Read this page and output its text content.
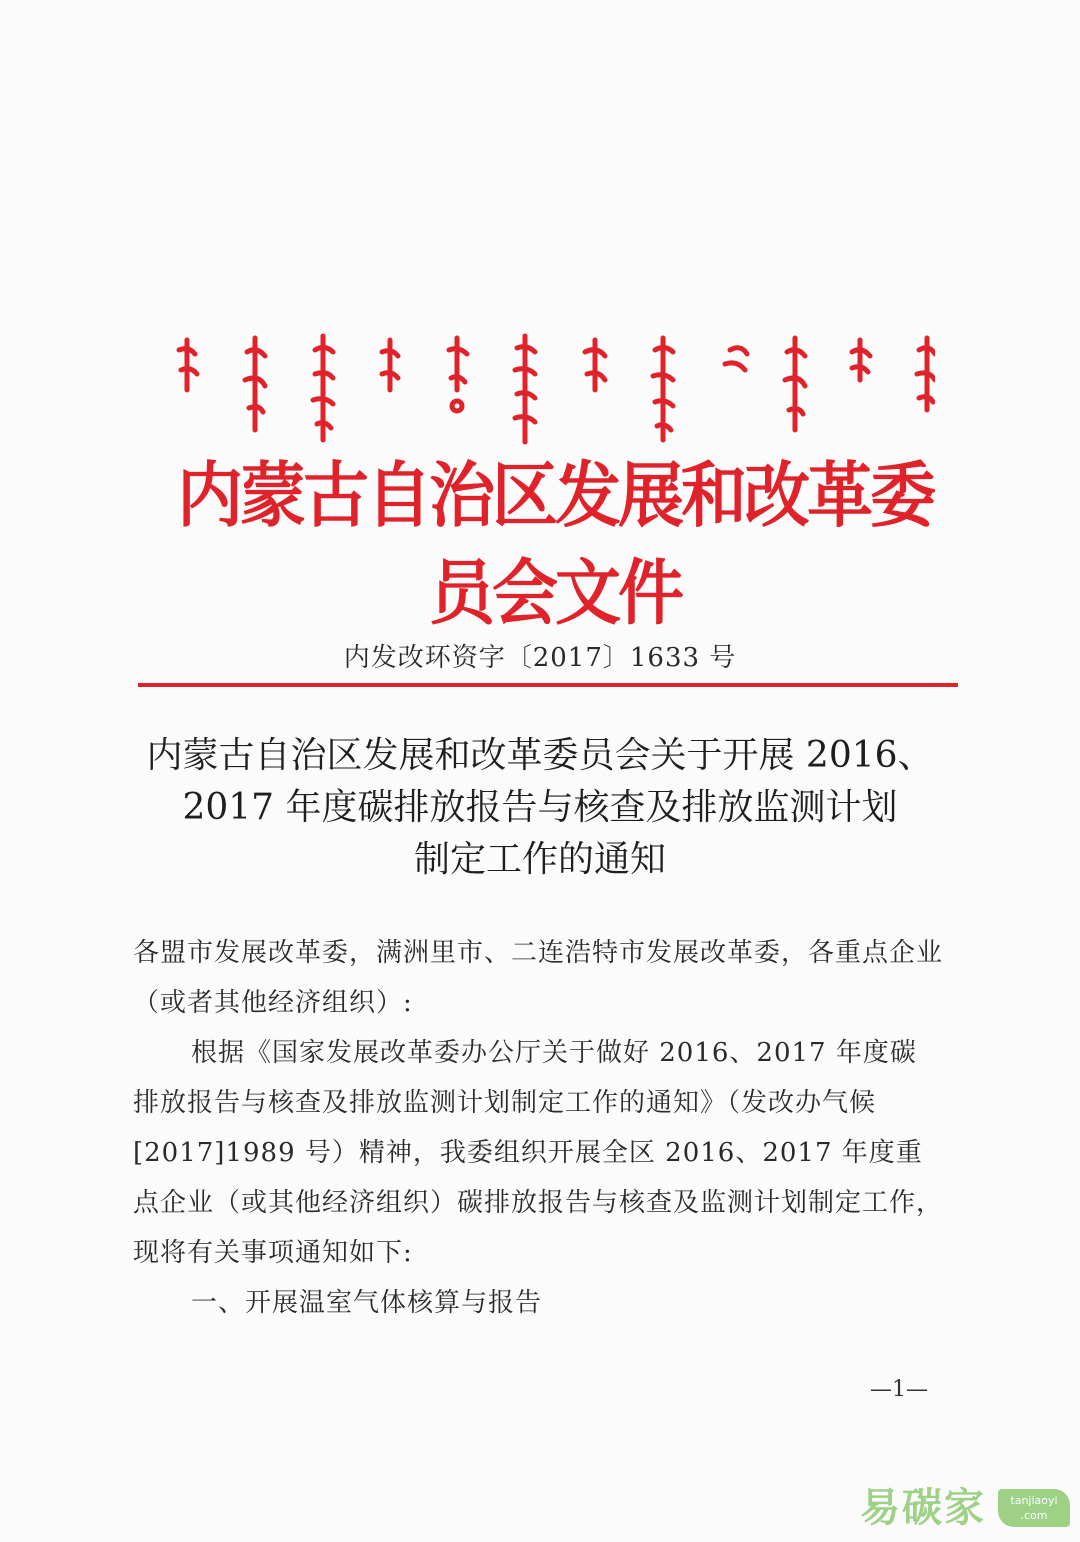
内蒙古自治区发展和改革委员会文件
内发改环资字〔2017〕1633 号
内蒙古自治区发展和改革委员会关于开展 2016、
2017 年度碳排放报告与核查及排放监测计划
制定工作的通知

各盟市发展改革委，满洲里市、二连浩特市发展改革委，各重点企业（或者其他经济组织）:

根据《国家发展改革委办公厅关于做好 2016、2017 年度碳排放报告与核查及排放监测计划制定工作的通知》（发改办气候[2017]1989 号）精神，我委组织开展全区 2016、2017 年度重点企业（或其他经济组织）碳排放报告与核查及监测计划制定工作，现将有关事项通知如下:

一、开展温室气体核算与报告

—1—
易碳家	tanjiaoyi
.com
